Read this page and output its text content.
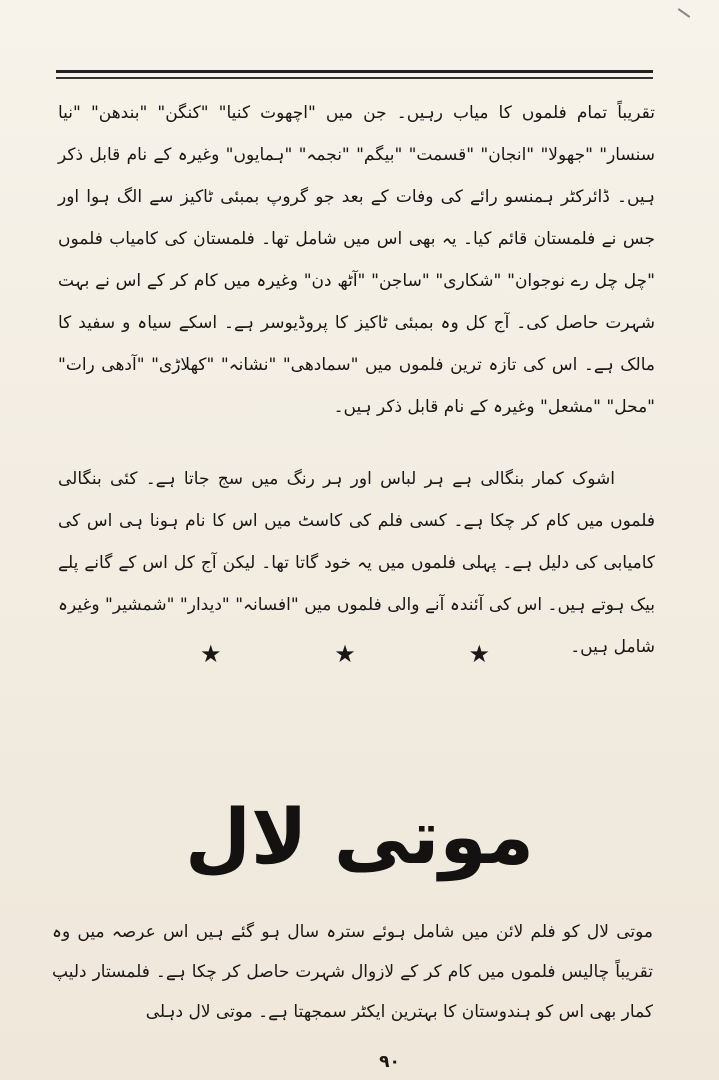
تقریباً تمام فلموں کا میاب رہیں۔ جن میں "اچھوت کنیا" "کنگن" "بندھن" "نیا سنسار" "جھولا" "انجان" "قسمت" "بیگم" "نجمہ" "ہمایوں" وغیرہ کے نام قابل ذکر ہیں۔ ڈائرکٹر ہمنسو رائے کی وفات کے بعد جو گروپ بمبئی ٹاکیز سے الگ ہوا اور جس نے فلمستان قائم کیا۔ یہ بھی اس میں شامل تھا۔ فلمستان کی کامیاب فلموں "چل چل رے نوجوان" "شکاری" "ساجن" "آٹھ دن" وغیرہ میں کام کر کے اس نے بہت شہرت حاصل کی۔ آج کل وہ بمبئی ٹاکیز کا پروڈیوسر ہے۔ اسکے سیاہ و سفید کا مالک ہے۔ اس کی تازہ ترین فلموں میں "سمادھی" "نشانہ" "کھلاڑی" "آدھی رات" "محل" "مشعل" وغیرہ کے نام قابل ذکر ہیں۔

اشوک کمار بنگالی ہے ہر لباس اور ہر رنگ میں سج جاتا ہے۔ کئی بنگالی فلموں میں کام کر چکا ہے۔ کسی فلم کی کاسٹ میں اس کا نام ہونا ہی اس کی کامیابی کی دلیل ہے۔ پہلی فلموں میں یہ خود گاتا تھا۔ لیکن آج کل اس کے گانے پلے بیک ہوتے ہیں۔ اس کی آئندہ آنے والی فلموں میں "افسانہ" "دیدار" "شمشیر" وغیرہ شامل ہیں۔

★	★	★
موتی لال

موتی لال کو فلم لائن میں شامل ہوئے سترہ سال ہو گئے ہیں اس عرصہ میں وہ تقریباً چالیس فلموں میں کام کر کے لازوال شہرت حاصل کر چکا ہے۔ فلمستار دلیپ کمار بھی اس کو ہندوستان کا بہترین ایکٹر سمجھتا ہے۔ موتی لال دہلی

۹۰
